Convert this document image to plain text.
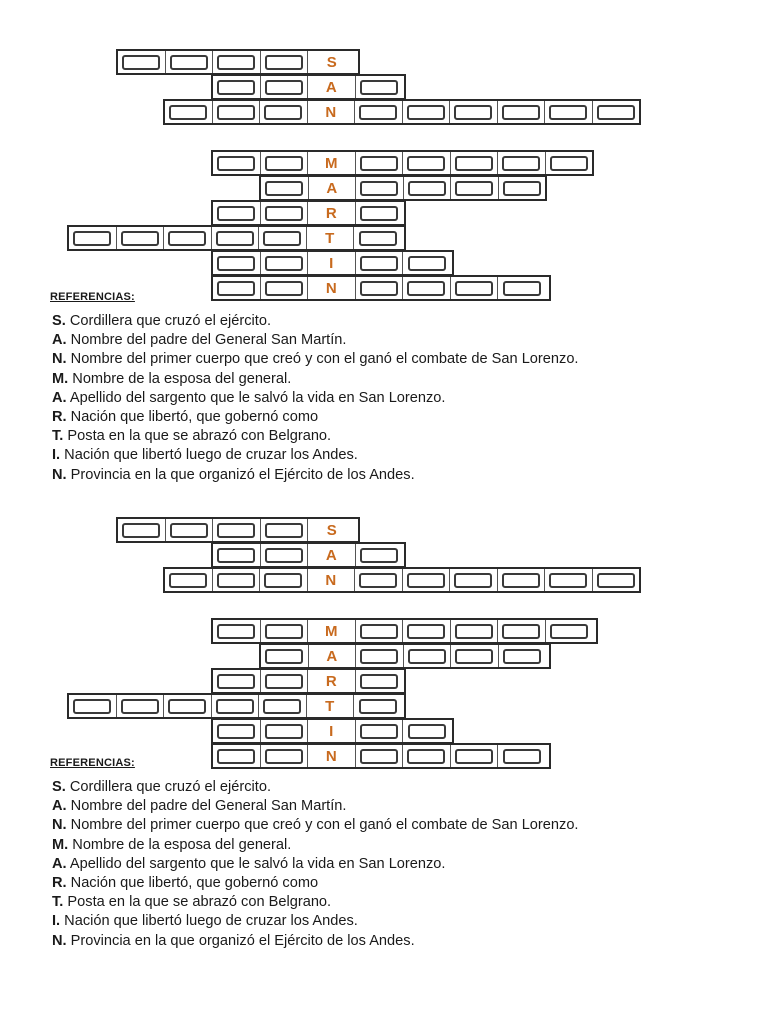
S
A
N
M
A
R
T
I
N
REFERENCIAS:
S. Cordillera que cruzó el ejército.
A. Nombre del padre del General San Martín.
N. Nombre del primer cuerpo que creó y con el ganó el combate de San Lorenzo.
M. Nombre de la esposa del general.
A. Apellido del sargento que le salvó la vida en San Lorenzo.
R. Nación que libertó, que gobernó como
T. Posta en la que se abrazó con Belgrano.
I. Nación que libertó luego de cruzar los Andes.
N. Provincia en la que organizó el Ejército de los Andes.
S
A
N
M
A
R
T
I
N
REFERENCIAS:
S. Cordillera que cruzó el ejército.
A. Nombre del padre del General San Martín.
N. Nombre del primer cuerpo que creó y con el ganó el combate de San Lorenzo.
M. Nombre de la esposa del general.
A. Apellido del sargento que le salvó la vida en San Lorenzo.
R. Nación que libertó, que gobernó como
T. Posta en la que se abrazó con Belgrano.
I. Nación que libertó luego de cruzar los Andes.
N. Provincia en la que organizó el Ejército de los Andes.
